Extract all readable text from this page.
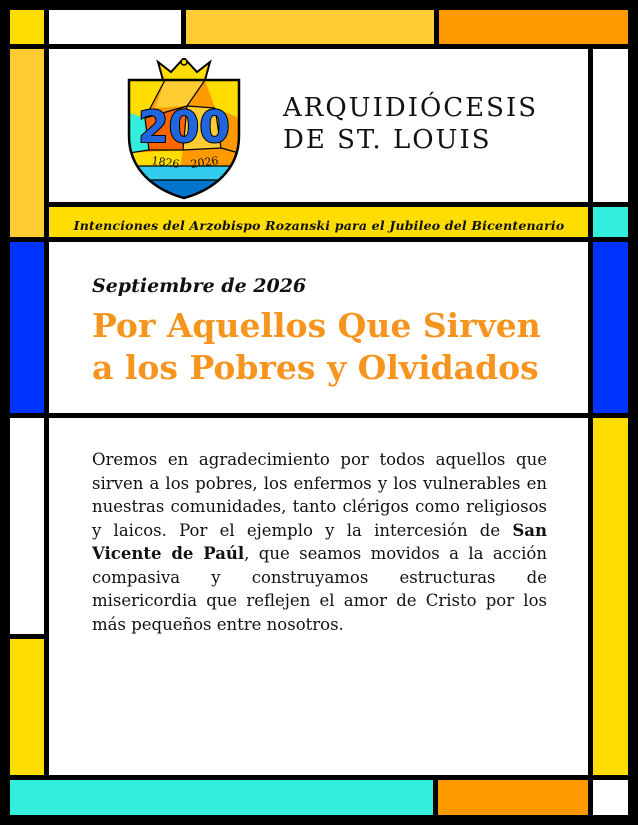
200
1826 2026
ARQUIDIÓCESIS
DE ST. LOUIS
Intenciones del Arzobispo Rozanski para el Jubileo del Bicentenario
Septiembre de 2026
Por Aquellos Que Sirven
a los Pobres y Olvidados
Oremos en agradecimiento por todos aquellos que sirven a los pobres, los enfermos y los vulnerables en nuestras comunidades, tanto clérigos como religiosos y laicos. Por el ejemplo y la intercesión de San Vicente de Paúl, que seamos movidos a la acción compasiva y construyamos estructuras de misericordia que reflejen el amor de Cristo por los más pequeños entre nosotros.
